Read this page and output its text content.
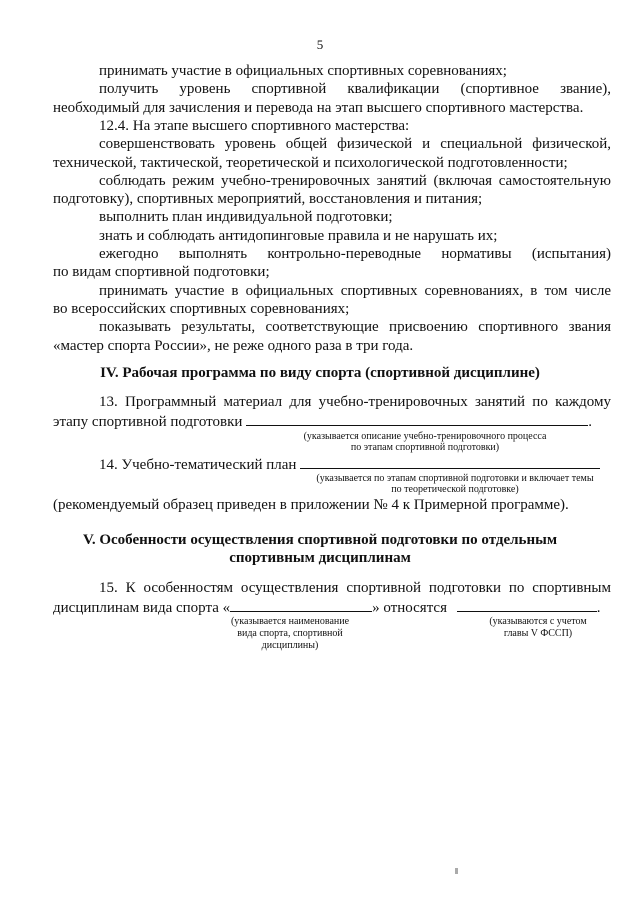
5
принимать участие в официальных спортивных соревнованиях;
получить уровень спортивной квалификации (спортивное звание),
необходимый для зачисления и перевода на этап высшего спортивного мастерства.
12.4. На этапе высшего спортивного мастерства:
совершенствовать уровень общей физической и специальной физической,
технической, тактической, теоретической и психологической подготовленности;
соблюдать режим учебно-тренировочных занятий (включая самостоятельную
подготовку), спортивных мероприятий, восстановления и питания;
выполнить план индивидуальной подготовки;
знать и соблюдать антидопинговые правила и не нарушать их;
ежегодно выполнять контрольно-переводные нормативы (испытания)
по видам спортивной подготовки;
принимать участие в официальных спортивных соревнованиях, в том числе
во всероссийских спортивных соревнованиях;
показывать результаты, соответствующие присвоению спортивного звания
«мастер спорта России», не реже одного раза в три года.
IV. Рабочая программа по виду спорта (спортивной дисциплине)
13. Программный материал для учебно-тренировочных занятий по каждому
этапу спортивной подготовки	.
(указывается описание учебно-тренировочного процесса
по этапам спортивной подготовки)
14. Учебно-тематический план
(указывается по этапам спортивной подготовки и включает темы
по теоретической подготовке)
(рекомендуемый образец приведен в приложении № 4 к Примерной программе).
V. Особенности осуществления спортивной подготовки по отдельным
спортивным дисциплинам
15. К особенностям осуществления спортивной подготовки по спортивным
дисциплинам вида спорта «	» относятся	.
(указывается наименование
вида спорта, спортивной
дисциплины)
(указываются с учетом
главы V ФССП)
